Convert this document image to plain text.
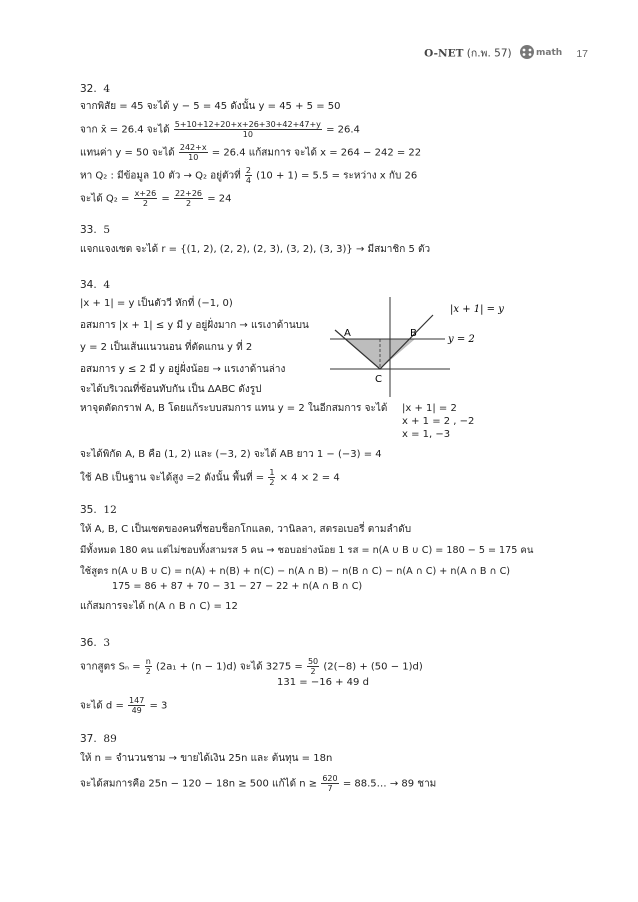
O-NET (ก.พ. 57)	math 17
32. 4
จากพิสัย = 45 จะได้ y − 5 = 45 ดังนั้น y = 45 + 5 = 50
จาก x̄ = 26.4 จะได้ $\frac{5+10+12+20+x+26+30+42+47+y}{10} = 26.4$
แทนค่า y = 50 จะได้ $\frac{242+x}{10} = 26.4$ แก้สมการ จะได้ x = 264 − 242 = 22
หา Q₂ : มีข้อมูล 10 ตัว → Q₂ อยู่ตัวที่ $\frac{2}{4} (10 + 1) = 5.5$ = ระหว่าง x กับ 26
จะได้ $Q_2 = \frac{x+26}{2} = \frac{22+26}{2} = 24$
33. 5
แจกแจงเซต จะได้ r = {(1, 2), (2, 2), (2, 3), (3, 2), (3, 3)} → มีสมาชิก 5 ตัว
34. 4
|x + 1| = y เป็นตัววี หักที่ (−1, 0)
อสมการ |x + 1| ≤ y มี y อยู่ฝั่งมาก → แรเงาด้านบน
y = 2 เป็นเส้นแนวนอน ที่ตัดแกน y ที่ 2
อสมการ y ≤ 2 มี y อยู่ฝั่งน้อย → แรเงาด้านล่าง
จะได้บริเวณที่ซ้อนทับกัน เป็น ΔABC ดังรูป
หาจุดตัดกราฟ A, B โดยแก้ระบบสมการ แทน y = 2 ในอีกสมการ จะได้ |x + 1| = 2
x + 1 = 2 , −2
x = 1, −3
จะได้พิกัด A, B คือ (1, 2) และ (−3, 2) จะได้ AB ยาว 1 − (−3) = 4
ใช้ AB เป็นฐาน จะได้สูง =2 ดังนั้น พื้นที่ = $\frac{1}{2} \times 4 \times 2 = 4$
A	B
C
|x + 1| = y
y = 2
35. 12
ให้ A, B, C เป็นเซตของคนที่ชอบช็อกโกแลต, วานิลลา, สตรอเบอรี่ ตามลำดับ
มีทั้งหมด 180 คน แต่ไม่ชอบทั้งสามรส 5 คน → ชอบอย่างน้อย 1 รส = n(A ∪ B ∪ C) = 180 − 5 = 175 คน
ใช้สูตร n(A ∪ B ∪ C) = n(A) + n(B) + n(C) − n(A ∩ B) − n(B ∩ C) − n(A ∩ C) + n(A ∩ B ∩ C)
175 = 86 + 87 + 70 − 31 − 27 − 22 + n(A ∩ B ∩ C)
แก้สมการจะได้ n(A ∩ B ∩ C) = 12
36. 3
จากสูตร $S_n = \frac{n}{2} (2a_1 + (n - 1)d)$ จะได้ $3275 = \frac{50}{2} (2(-8) + (50 - 1)d)$
131 = −16 + 49 d
จะได้ $d = \frac{147}{49} = 3$
37. 89
ให้ n = จำนวนชาม → ขายได้เงิน 25n และ ต้นทุน = 18n
จะได้สมการคือ 25n − 120 − 18n ≥ 500 แก้ได้ $n \ge \frac{620}{7}$ = 88.5… → 89 ชาม
